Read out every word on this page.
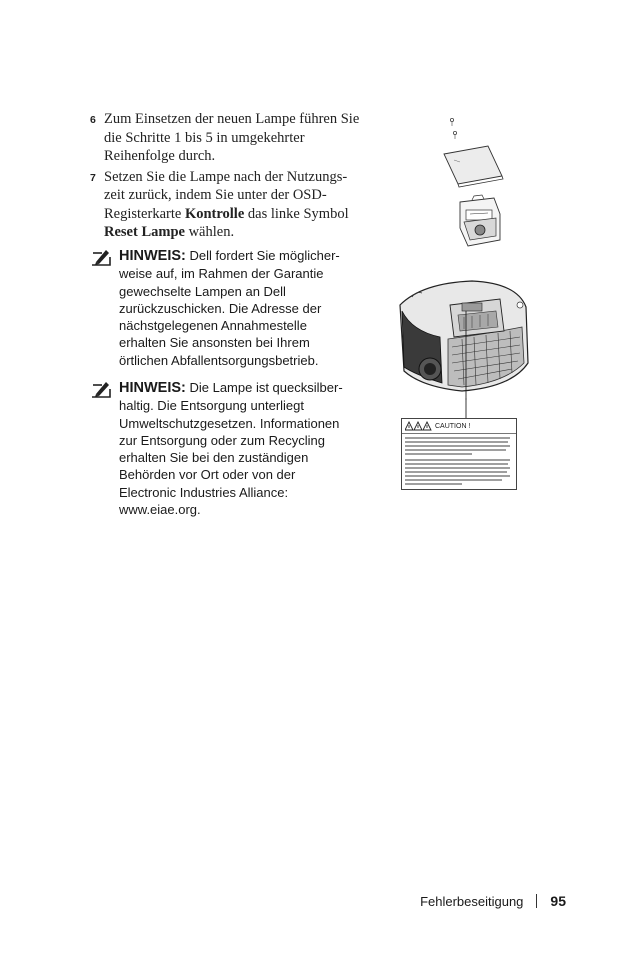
6 Zum Einsetzen der neuen Lampe führen Sie die Schritte 1 bis 5 in umgekehrter Reihenfolge durch.
7 Setzen Sie die Lampe nach der Nutzungs-zeit zurück, indem Sie unter der OSD-Registerkarte Kontrolle das linke Symbol Reset Lampe wählen.
HINWEIS: Dell fordert Sie möglicher-weise auf, im Rahmen der Garantie gewechselte Lampen an Dell zurückzuschicken. Die Adresse der nächstgelegenen Annahmestelle erhalten Sie ansonsten bei Ihrem örtlichen Abfallentsorgungsbetrieb.
HINWEIS: Die Lampe ist quecksilber-haltig. Die Entsorgung unterliegt Umweltschutzgesetzen. Informationen zur Entsorgung oder zum Recycling erhalten Sie bei den zuständigen Behörden vor Ort oder von der Electronic Industries Alliance: www.eiae.org.
CAUTION !
Fehlerbeseitigung 95
